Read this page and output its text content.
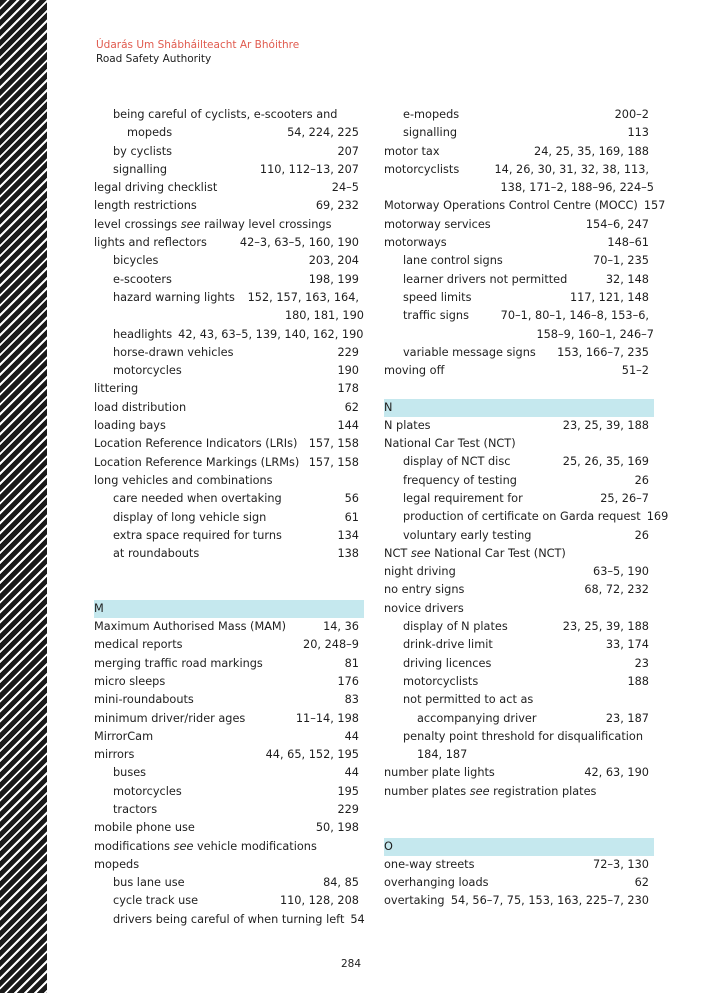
Údarás Um Shábháilteacht Ar Bhóithre
Road Safety Authority
being careful of cyclists, e-scooters and
mopeds	54, 224, 225
by cyclists	207
signalling	110, 112–13, 207
legal driving checklist	24–5
length restrictions	69, 232
level crossings see railway level crossings
lights and reflectors	42–3, 63–5, 160, 190
bicycles	203, 204
e-scooters	198, 199
hazard warning lights	152, 157, 163, 164,
180, 181, 190
headlights 42, 43, 63–5, 139, 140, 162, 190
horse-drawn vehicles	229
motorcycles	190
littering	178
load distribution	62
loading bays	144
Location Reference Indicators (LRIs) 157, 158
Location Reference Markings (LRMs) 157, 158
long vehicles and combinations
care needed when overtaking	56
display of long vehicle sign	61
extra space required for turns	134
at roundabouts	138
M
Maximum Authorised Mass (MAM)	14, 36
medical reports	20, 248–9
merging traffic road markings	81
micro sleeps	176
mini-roundabouts	83
minimum driver/rider ages	11–14, 198
MirrorCam	44
mirrors	44, 65, 152, 195
buses	44
motorcycles	195
tractors	229
mobile phone use	50, 198
modifications see vehicle modifications
mopeds
bus lane use	84, 85
cycle track use	110, 128, 208
drivers being careful of when turning left 54
e-mopeds	200–2
signalling	113
motor tax	24, 25, 35, 169, 188
motorcyclists	14, 26, 30, 31, 32, 38, 113,
138, 171–2, 188–96, 224–5
Motorway Operations Control Centre (MOCC) 157
motorway services	154–6, 247
motorways	148–61
lane control signs	70–1, 235
learner drivers not permitted	32, 148
speed limits	117, 121, 148
traffic signs	70–1, 80–1, 146–8, 153–6,
158–9, 160–1, 246–7
variable message signs	153, 166–7, 235
moving off	51–2
N
N plates	23, 25, 39, 188
National Car Test (NCT)
display of NCT disc	25, 26, 35, 169
frequency of testing	26
legal requirement for	25, 26–7
production of certificate on Garda request 169
voluntary early testing	26
NCT see National Car Test (NCT)
night driving	63–5, 190
no entry signs	68, 72, 232
novice drivers
display of N plates	23, 25, 39, 188
drink-drive limit	33, 174
driving licences	23
motorcyclists	188
not permitted to act as
accompanying driver	23, 187
penalty point threshold for disqualification
184, 187
number plate lights	42, 63, 190
number plates see registration plates
O
one-way streets	72–3, 130
overhanging loads	62
overtaking 54, 56–7, 75, 153, 163, 225–7, 230
284
